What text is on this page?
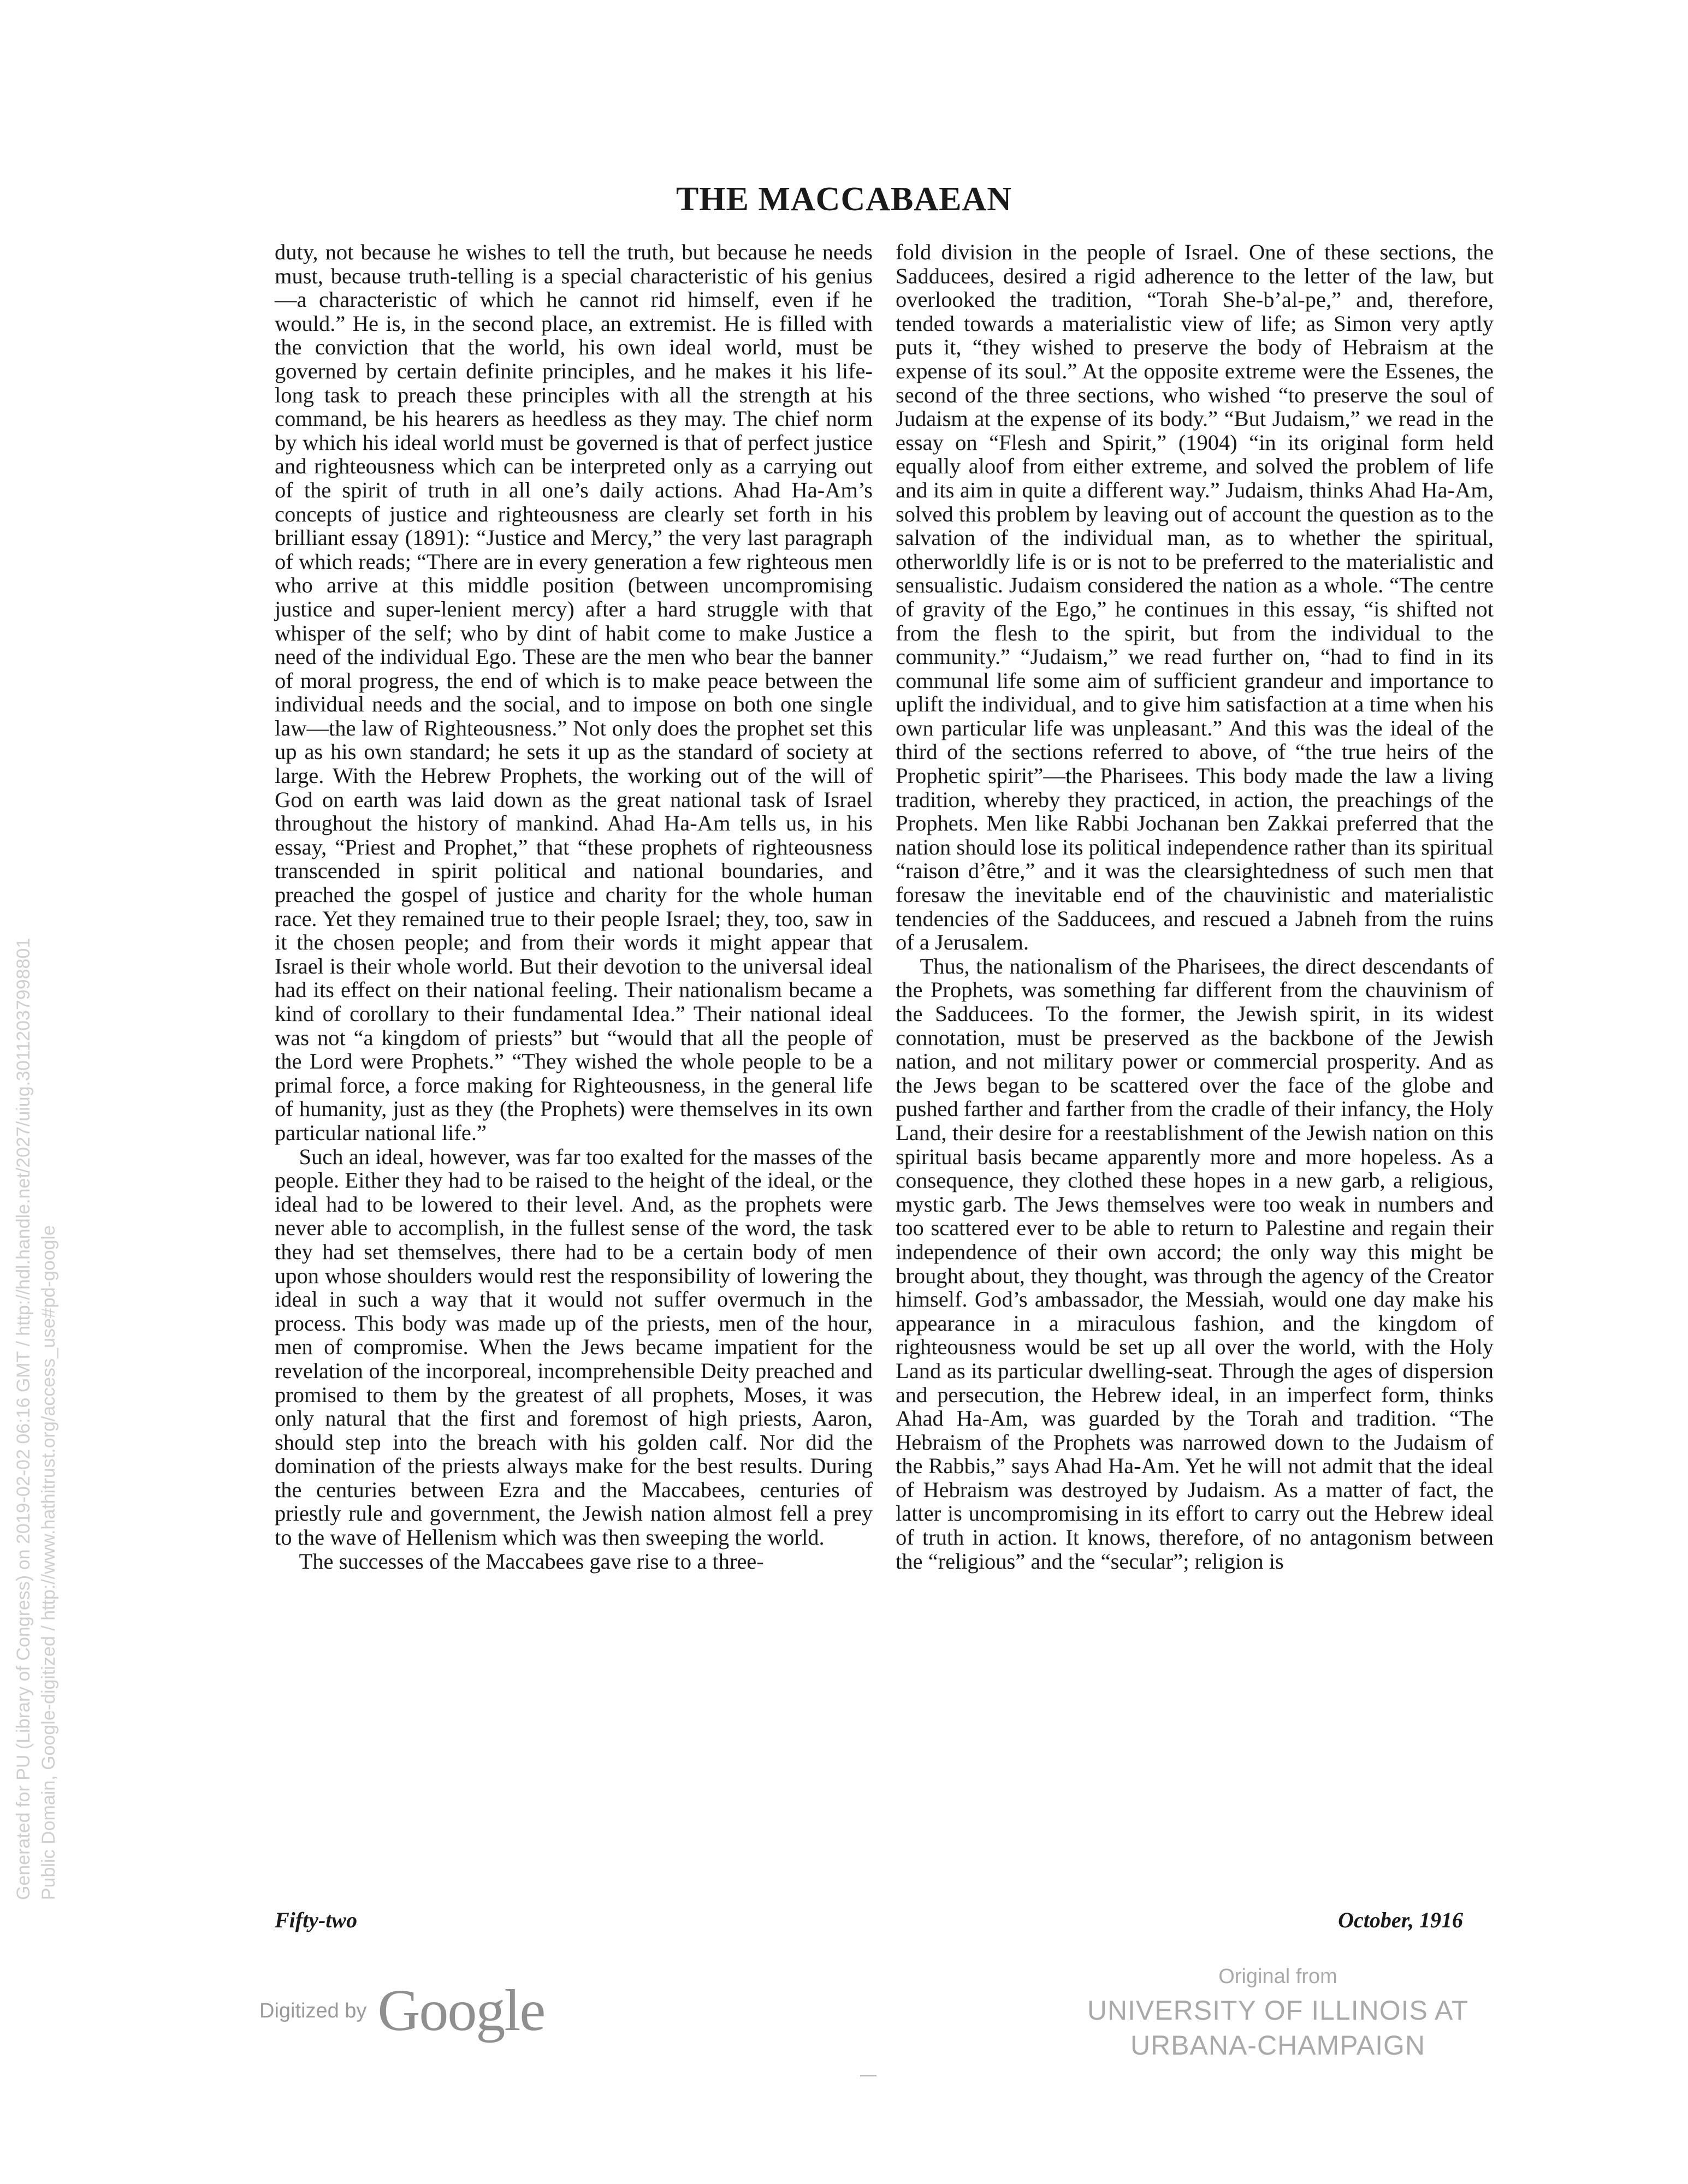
THE MACCABAEAN

duty, not because he wishes to tell the truth, but because he needs must, because truth-telling is a special characteristic of his genius—a characteristic of which he cannot rid himself, even if he would.” He is, in the second place, an extremist. He is filled with the conviction that the world, his own ideal world, must be governed by certain definite principles, and he makes it his life-long task to preach these principles with all the strength at his command, be his hearers as heedless as they may. The chief norm by which his ideal world must be governed is that of perfect justice and righteousness which can be interpreted only as a carrying out of the spirit of truth in all one’s daily actions. Ahad Ha-Am’s concepts of justice and righteousness are clearly set forth in his brilliant essay (1891): “Justice and Mercy,” the very last paragraph of which reads; “There are in every generation a few righteous men who arrive at this middle position (between uncompromising justice and super-lenient mercy) after a hard struggle with that whisper of the self; who by dint of habit come to make Justice a need of the individual Ego. These are the men who bear the banner of moral progress, the end of which is to make peace between the individual needs and the social, and to impose on both one single law—the law of Righteousness.” Not only does the prophet set this up as his own standard; he sets it up as the standard of society at large. With the Hebrew Prophets, the working out of the will of God on earth was laid down as the great national task of Israel throughout the history of mankind. Ahad Ha-Am tells us, in his essay, “Priest and Prophet,” that “these prophets of righteousness transcended in spirit political and national boundaries, and preached the gospel of justice and charity for the whole human race. Yet they remained true to their people Israel; they, too, saw in it the chosen people; and from their words it might appear that Israel is their whole world. But their devotion to the universal ideal had its effect on their national feeling. Their nationalism became a kind of corollary to their fundamental Idea.” Their national ideal was not “a kingdom of priests” but “would that all the people of the Lord were Prophets.” “They wished the whole people to be a primal force, a force making for Righteousness, in the general life of humanity, just as they (the Prophets) were themselves in its own particular national life.”

Such an ideal, however, was far too exalted for the masses of the people. Either they had to be raised to the height of the ideal, or the ideal had to be lowered to their level. And, as the prophets were never able to accomplish, in the fullest sense of the word, the task they had set themselves, there had to be a certain body of men upon whose shoulders would rest the responsibility of lowering the ideal in such a way that it would not suffer overmuch in the process. This body was made up of the priests, men of the hour, men of compromise. When the Jews became impatient for the revelation of the incorporeal, incomprehensible Deity preached and promised to them by the greatest of all prophets, Moses, it was only natural that the first and foremost of high priests, Aaron, should step into the breach with his golden calf. Nor did the domination of the priests always make for the best results. During the centuries between Ezra and the Maccabees, centuries of priestly rule and government, the Jewish nation almost fell a prey to the wave of Hellenism which was then sweeping the world.

The successes of the Maccabees gave rise to a three-

fold division in the people of Israel. One of these sections, the Sadducees, desired a rigid adherence to the letter of the law, but overlooked the tradition, “Torah She-b’al-pe,” and, therefore, tended towards a materialistic view of life; as Simon very aptly puts it, “they wished to preserve the body of Hebraism at the expense of its soul.” At the opposite extreme were the Essenes, the second of the three sections, who wished “to preserve the soul of Judaism at the expense of its body.” “But Judaism,” we read in the essay on “Flesh and Spirit,” (1904) “in its original form held equally aloof from either extreme, and solved the problem of life and its aim in quite a different way.” Judaism, thinks Ahad Ha-Am, solved this problem by leaving out of account the question as to the salvation of the individual man, as to whether the spiritual, otherworldly life is or is not to be preferred to the materialistic and sensualistic. Judaism considered the nation as a whole. “The centre of gravity of the Ego,” he continues in this essay, “is shifted not from the flesh to the spirit, but from the individual to the community.” “Judaism,” we read further on, “had to find in its communal life some aim of sufficient grandeur and importance to uplift the individual, and to give him satisfaction at a time when his own particular life was unpleasant.” And this was the ideal of the third of the sections referred to above, of “the true heirs of the Prophetic spirit”—the Pharisees. This body made the law a living tradition, whereby they practiced, in action, the preachings of the Prophets. Men like Rabbi Jochanan ben Zakkai preferred that the nation should lose its political independence rather than its spiritual “raison d’être,” and it was the clearsightedness of such men that foresaw the inevitable end of the chauvinistic and materialistic tendencies of the Sadducees, and rescued a Jabneh from the ruins of a Jerusalem.

Thus, the nationalism of the Pharisees, the direct descendants of the Prophets, was something far different from the chauvinism of the Sadducees. To the former, the Jewish spirit, in its widest connotation, must be preserved as the backbone of the Jewish nation, and not military power or commercial prosperity. And as the Jews began to be scattered over the face of the globe and pushed farther and farther from the cradle of their infancy, the Holy Land, their desire for a reestablishment of the Jewish nation on this spiritual basis became apparently more and more hopeless. As a consequence, they clothed these hopes in a new garb, a religious, mystic garb. The Jews themselves were too weak in numbers and too scattered ever to be able to return to Palestine and regain their independence of their own accord; the only way this might be brought about, they thought, was through the agency of the Creator himself. God’s ambassador, the Messiah, would one day make his appearance in a miraculous fashion, and the kingdom of righteousness would be set up all over the world, with the Holy Land as its particular dwelling-seat. Through the ages of dispersion and persecution, the Hebrew ideal, in an imperfect form, thinks Ahad Ha-Am, was guarded by the Torah and tradition. “The Hebraism of the Prophets was narrowed down to the Judaism of the Rabbis,” says Ahad Ha-Am. Yet he will not admit that the ideal of Hebraism was destroyed by Judaism. As a matter of fact, the latter is uncompromising in its effort to carry out the Hebrew ideal of truth in action. It knows, therefore, of no antagonism between the “religious” and the “secular”; religion is

Fifty-two	October, 1916
Generated for PU (Library of Congress) on 2019-02-02 06:16 GMT / http://hdl.handle.net/2027/uiug.30112037998801 Public Domain, Google-digitized / http://www.hathitrust.org/access_use#pd-google
Digitized by Google
Original from
UNIVERSITY OF ILLINOIS AT
URBANA-CHAMPAIGN
